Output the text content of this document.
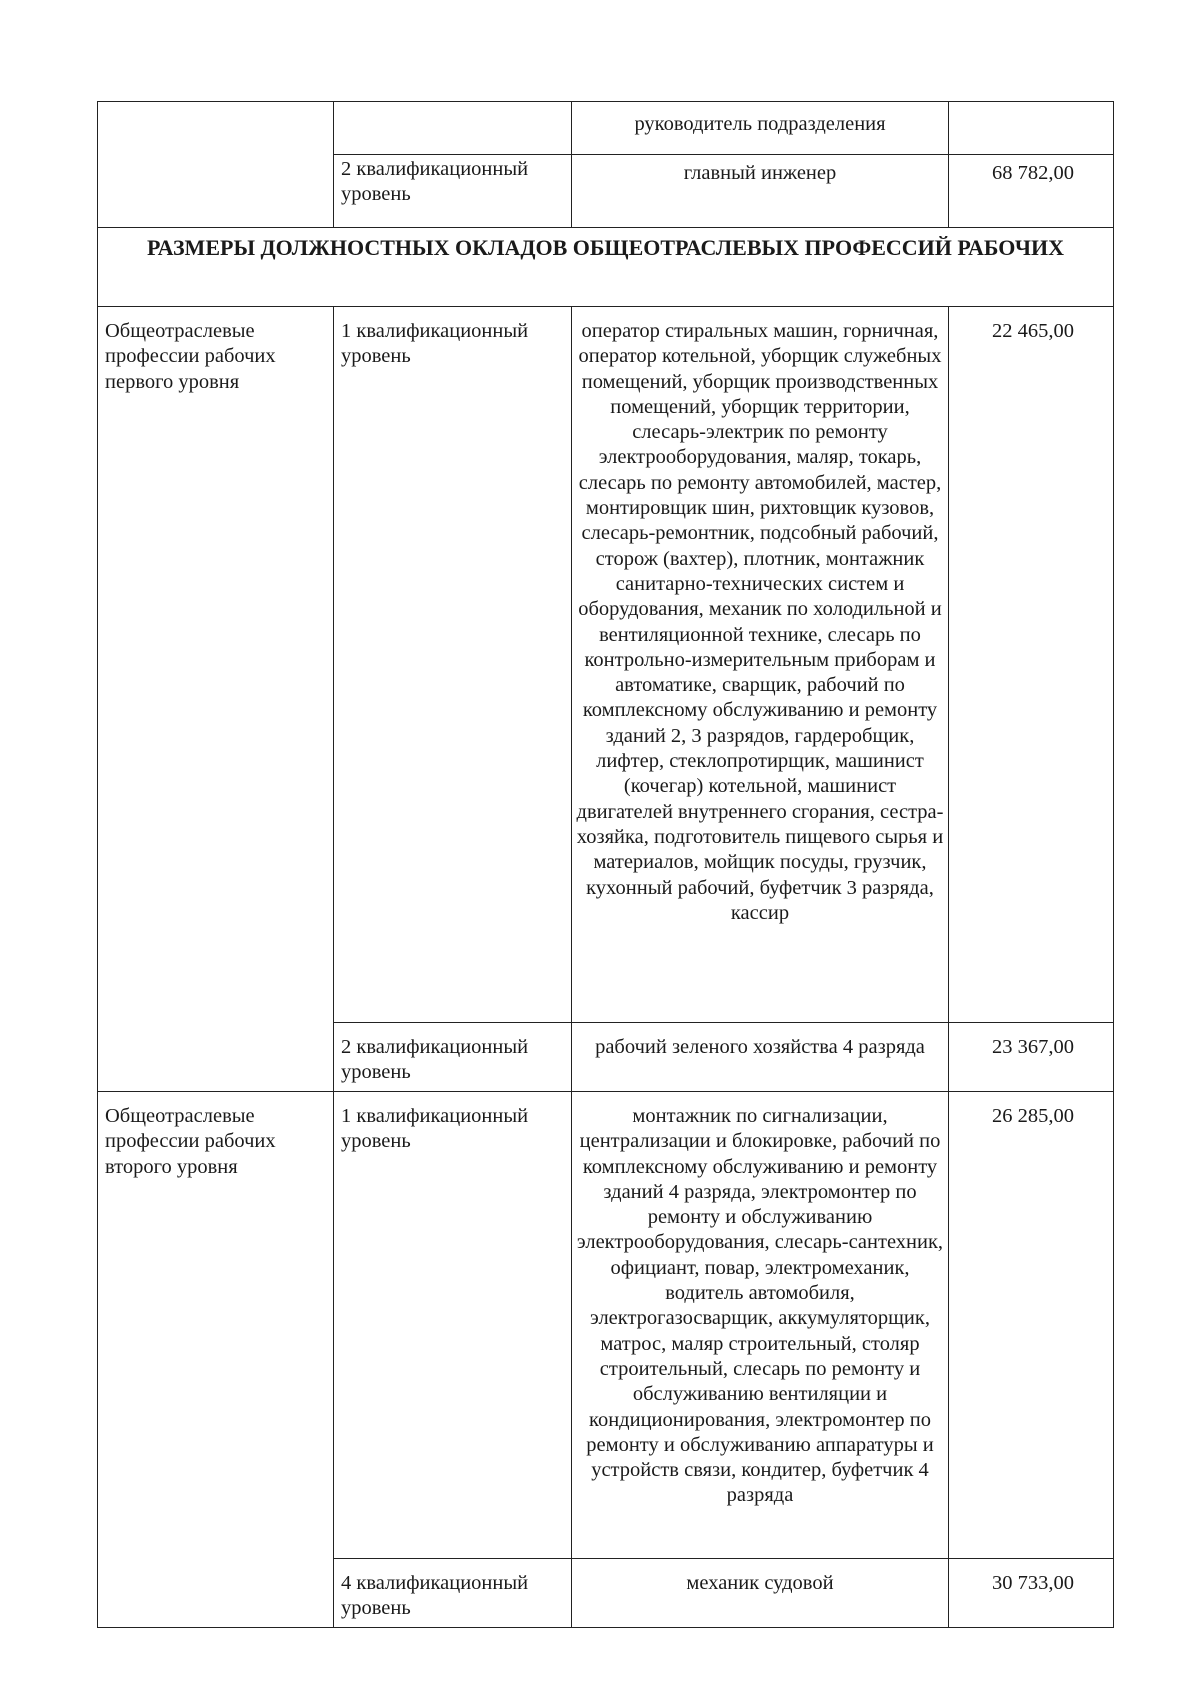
		руководитель подразделения	
	2 квалификационный уровень	главный инженер	68 782,00
РАЗМЕРЫ ДОЛЖНОСТНЫХ ОКЛАДОВ ОБЩЕОТРАСЛЕВЫХ ПРОФЕССИЙ РАБОЧИХ			
Общеотраслевые профессии рабочих первого уровня	1 квалификационный уровень	оператор стиральных машин, горничная, оператор котельной, уборщик служебных помещений, уборщик производственных помещений, уборщик территории, слесарь-электрик по ремонту электрооборудования, маляр, токарь, слесарь по ремонту автомобилей, мастер, монтировщик шин, рихтовщик кузовов, слесарь-ремонтник, подсобный рабочий, сторож (вахтер), плотник, монтажник санитарно-технических систем и оборудования, механик по холодильной и вентиляционной технике, слесарь по контрольно-измерительным приборам и автоматике, сварщик, рабочий по комплексному обслуживанию и ремонту зданий 2, 3 разрядов, гардеробщик, лифтер, стеклопротирщик, машинист (кочегар) котельной, машинист двигателей внутреннего сгорания, сестра-хозяйка, подготовитель пищевого сырья и материалов, мойщик посуды, грузчик, кухонный рабочий, буфетчик 3 разряда, кассир	22 465,00
	2 квалификационный уровень	рабочий зеленого хозяйства 4 разряда	23 367,00
Общеотраслевые профессии рабочих второго уровня	1 квалификационный уровень	монтажник по сигнализации, централизации и блокировке, рабочий по комплексному обслуживанию и ремонту зданий 4 разряда, электромонтер по ремонту и обслуживанию электрооборудования, слесарь-сантехник, официант, повар, электромеханик, водитель автомобиля, электрогазосварщик, аккумуляторщик, матрос, маляр строительный, столяр строительный, слесарь по ремонту и обслуживанию вентиляции и кондиционирования, электромонтер по ремонту и обслуживанию аппаратуры и устройств связи, кондитер, буфетчик 4 разряда	26 285,00
	4 квалификационный уровень	механик судовой	30 733,00
